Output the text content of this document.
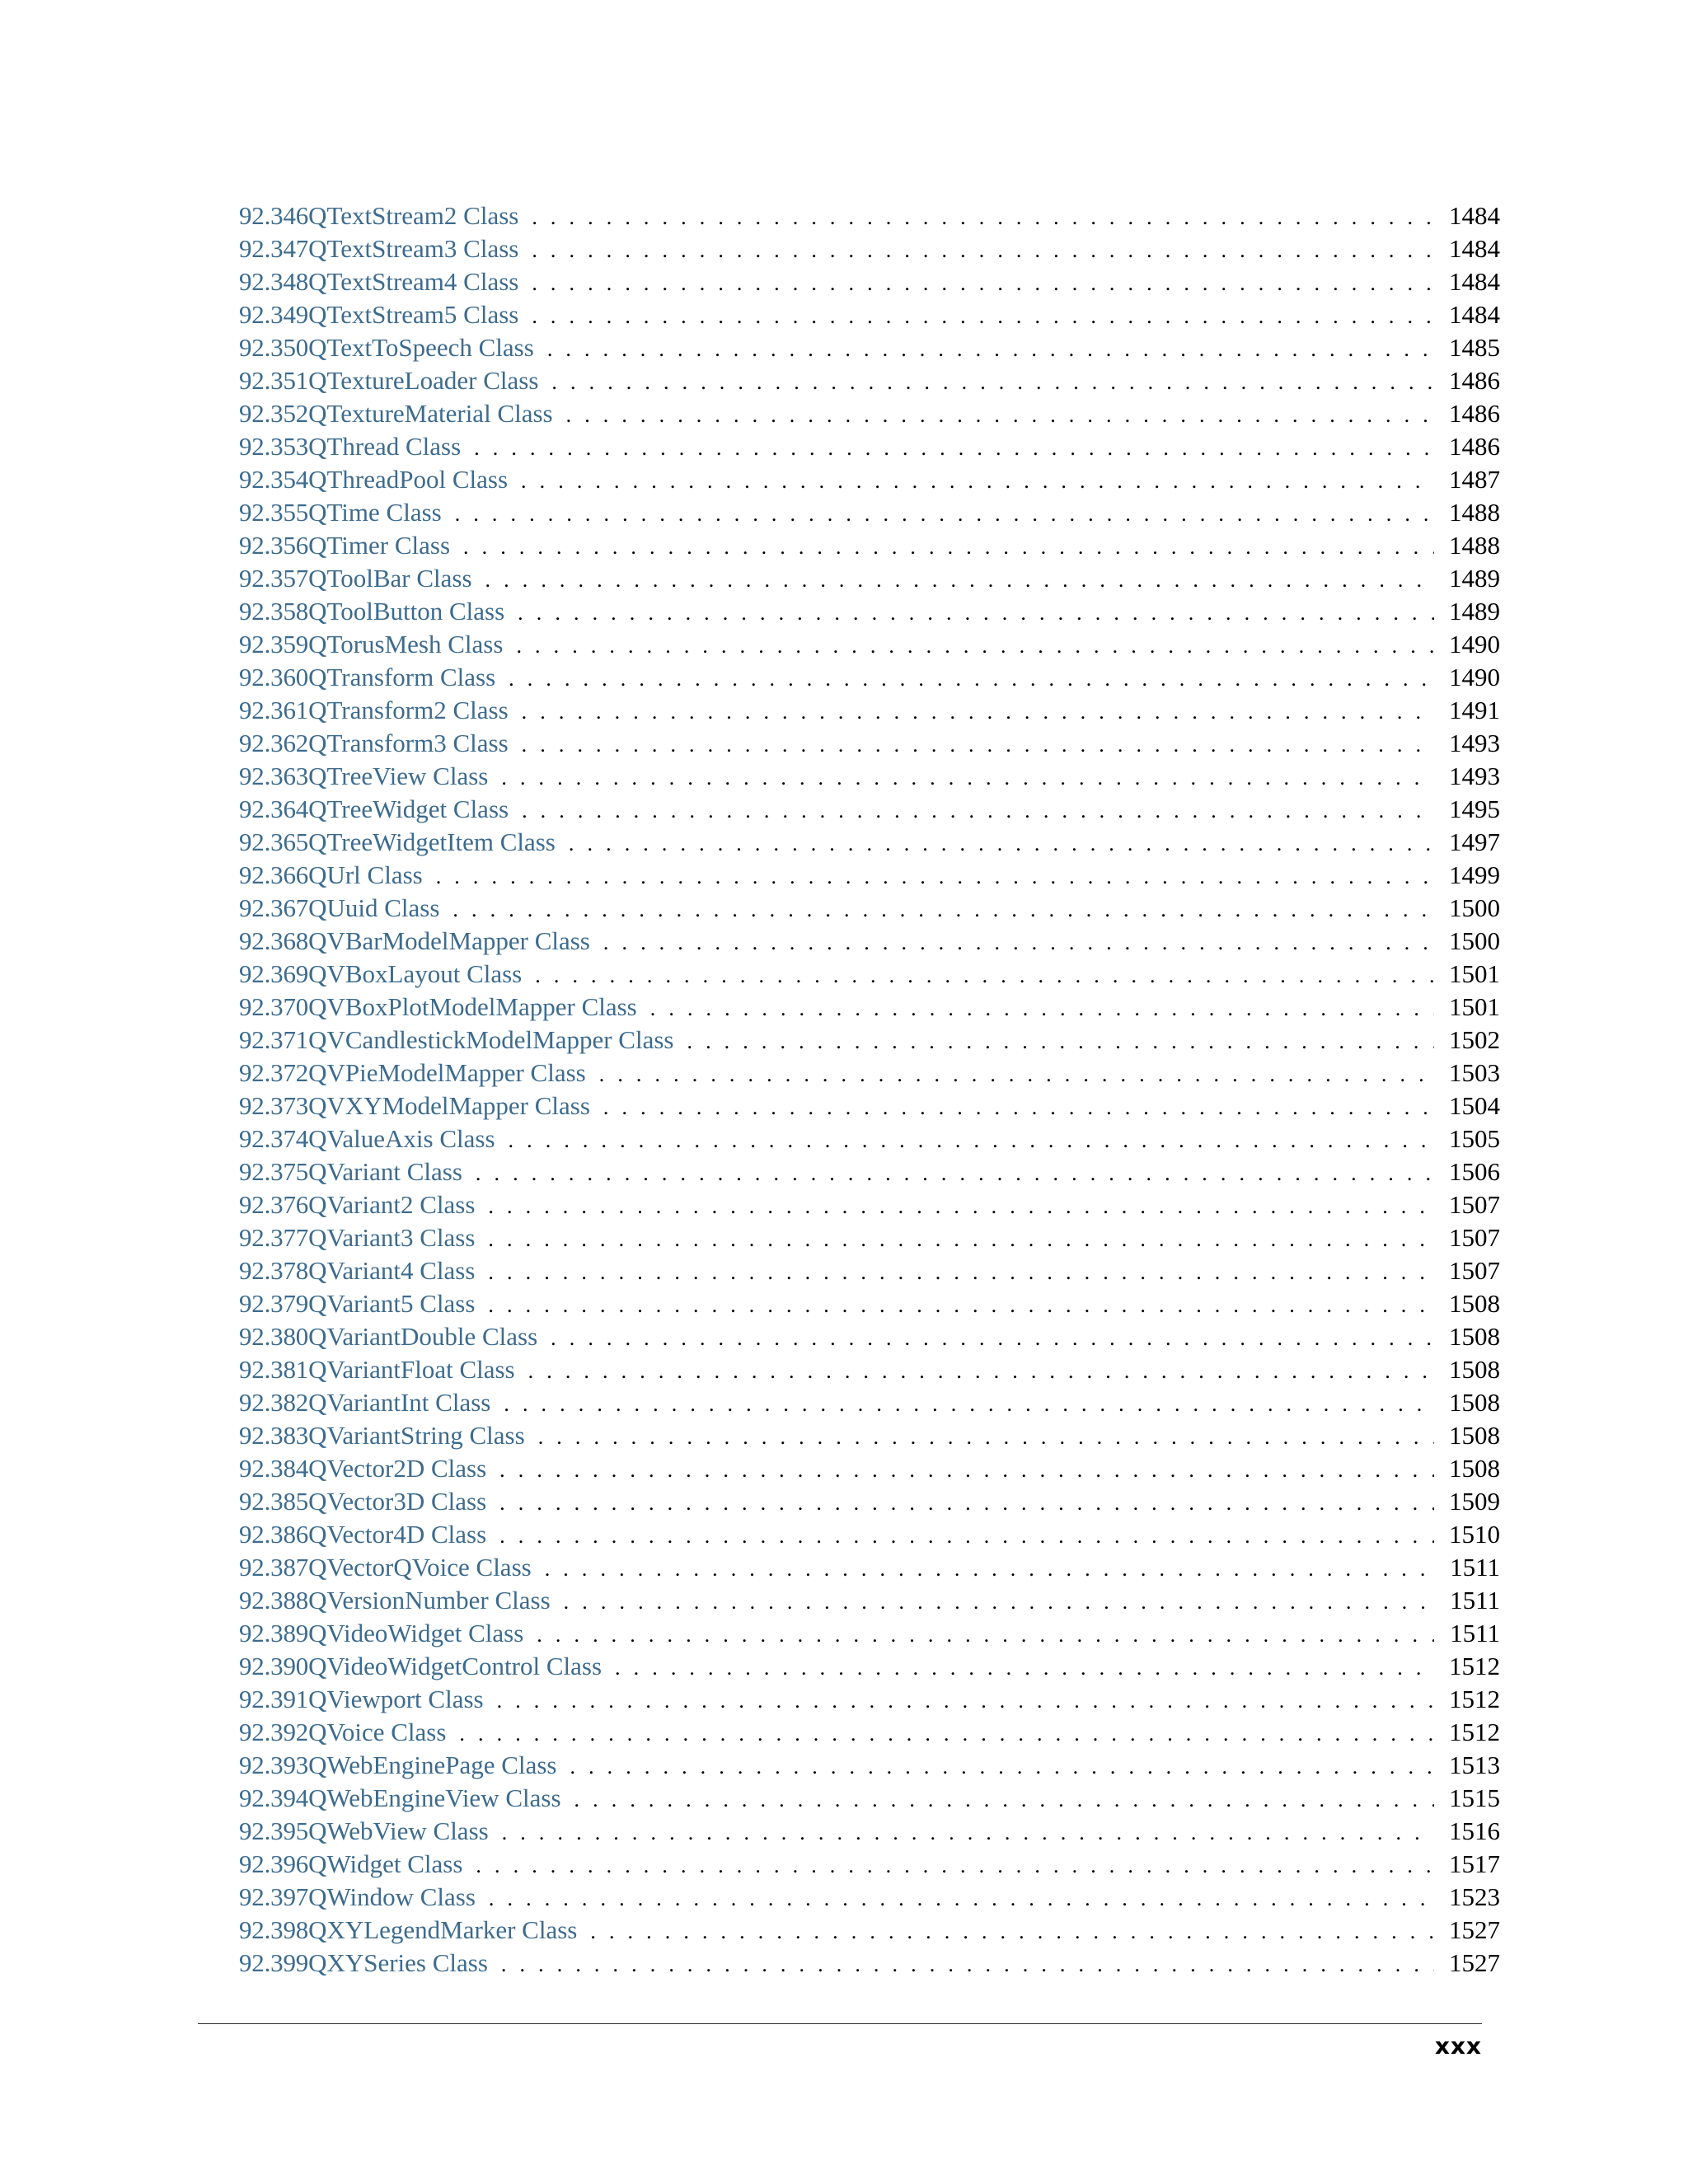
92.346 QTextStream2 Class . . .	1484
92.347 QTextStream3 Class . . .	1484
92.348 QTextStream4 Class . . .	1484
92.349 QTextStream5 Class . . .	1484
92.350 QTextToSpeech Class . . .	1485
92.351 QTextureLoader Class . . .	1486
92.352 QTextureMaterial Class . . .	1486
92.353 QThread Class . . .	1486
92.354 QThreadPool Class . . .	1487
92.355 QTime Class . . .	1488
92.356 QTimer Class . . .	1488
92.357 QToolBar Class . . .	1489
92.358 QToolButton Class . . .	1489
92.359 QTorusMesh Class . . .	1490
92.360 QTransform Class . . .	1490
92.361 QTransform2 Class . . .	1491
92.362 QTransform3 Class . . .	1493
92.363 QTreeView Class . . .	1493
92.364 QTreeWidget Class . . .	1495
92.365 QTreeWidgetItem Class . . .	1497
92.366 QUrl Class . . .	1499
92.367 QUuid Class . . .	1500
92.368 QVBarModelMapper Class . . .	1500
92.369 QVBoxLayout Class . . .	1501
92.370 QVBoxPlotModelMapper Class . . .	1501
92.371 QVCandlestickModelMapper Class . . .	1502
92.372 QVPieModelMapper Class . . .	1503
92.373 QVXYModelMapper Class . . .	1504
92.374 QValueAxis Class . . .	1505
92.375 QVariant Class . . .	1506
92.376 QVariant2 Class . . .	1507
92.377 QVariant3 Class . . .	1507
92.378 QVariant4 Class . . .	1507
92.379 QVariant5 Class . . .	1508
92.380 QVariantDouble Class . . .	1508
92.381 QVariantFloat Class . . .	1508
92.382 QVariantInt Class . . .	1508
92.383 QVariantString Class . . .	1508
92.384 QVector2D Class . . .	1508
92.385 QVector3D Class . . .	1509
92.386 QVector4D Class . . .	1510
92.387 QVectorQVoice Class . . .	1511
92.388 QVersionNumber Class . . .	1511
92.389 QVideoWidget Class . . .	1511
92.390 QVideoWidgetControl Class . . .	1512
92.391 QViewport Class . . .	1512
92.392 QVoice Class . . .	1512
92.393 QWebEnginePage Class . . .	1513
92.394 QWebEngineView Class . . .	1515
92.395 QWebView Class . . .	1516
92.396 QWidget Class . . .	1517
92.397 QWindow Class . . .	1523
92.398 QXYLegendMarker Class . . .	1527
92.399 QXYSeries Class . . .	1527
xxx
